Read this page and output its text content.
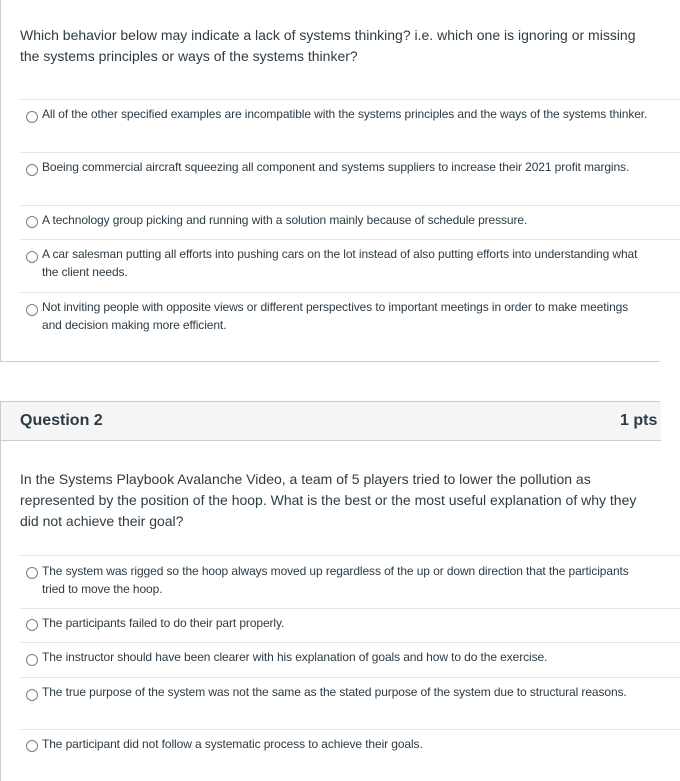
Which behavior below may indicate a lack of systems thinking? i.e. which one is ignoring or missing the systems principles or ways of the systems thinker?
All of the other specified examples are incompatible with the systems principles and the ways of the systems thinker.
Boeing commercial aircraft squeezing all component and systems suppliers to increase their 2021 profit margins.
A technology group picking and running with a solution mainly because of schedule pressure.
A car salesman putting all efforts into pushing cars on the lot instead of also putting efforts into understanding what the client needs.
Not inviting people with opposite views or different perspectives to important meetings in order to make meetings and decision making more efficient.
Question 2	1 pts
In the Systems Playbook Avalanche Video, a team of 5 players tried to lower the pollution as represented by the position of the hoop. What is the best or the most useful explanation of why they did not achieve their goal?
The system was rigged so the hoop always moved up regardless of the up or down direction that the participants tried to move the hoop.
The participants failed to do their part properly.
The instructor should have been clearer with his explanation of goals and how to do the exercise.
The true purpose of the system was not the same as the stated purpose of the system due to structural reasons.
The participant did not follow a systematic process to achieve their goals.
